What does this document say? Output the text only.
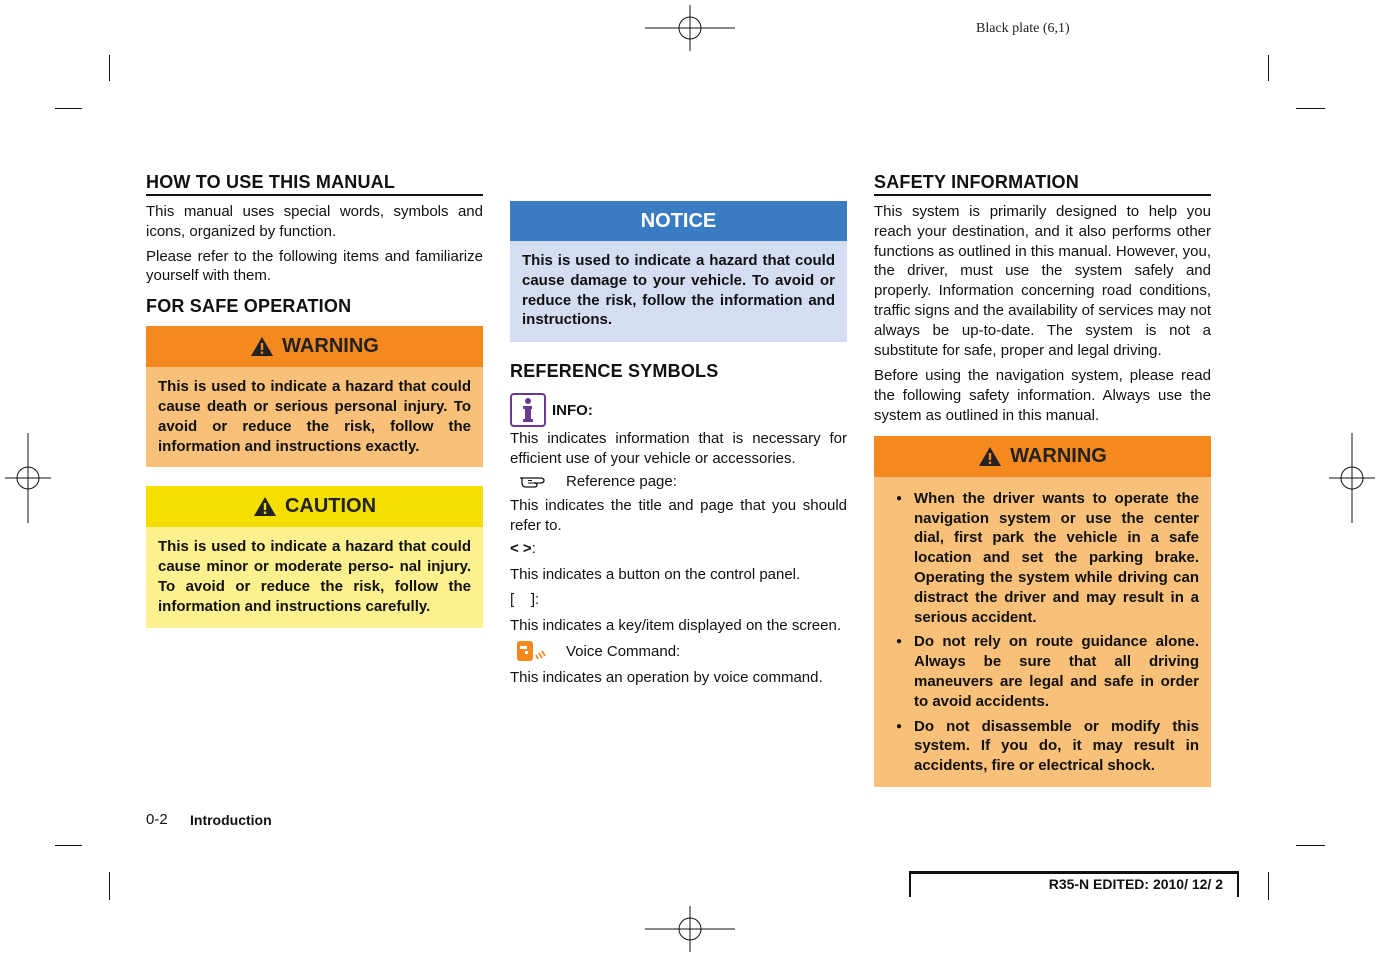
Black plate (6,1)
HOW TO USE THIS MANUAL

This manual uses special words, symbols and icons, organized by function.

Please refer to the following items and familiarize yourself with them.

FOR SAFE OPERATION
WARNING
This is used to indicate a hazard that could cause death or serious personal injury. To avoid or reduce the risk, follow the information and instructions exactly.
CAUTION
This is used to indicate a hazard that could cause minor or moderate perso- nal injury. To avoid or reduce the risk, follow the information and instructions carefully.
NOTICE
This is used to indicate a hazard that could cause damage to your vehicle. To avoid or reduce the risk, follow the information and instructions.
REFERENCE SYMBOLS
INFO:

This indicates information that is necessary for efficient use of your vehicle or accessories.

Reference page:

This indicates the title and page that you should refer to.

< >:

This indicates a button on the control panel.

[    ]:

This indicates a key/item displayed on the screen.

Voice Command:

This indicates an operation by voice command.

SAFETY INFORMATION

This system is primarily designed to help you reach your destination, and it also performs other functions as outlined in this manual. However, you, the driver, must use the system safely and properly. Information concerning road conditions, traffic signs and the availability of services may not always be up-to-date. The system is not a substitute for safe, proper and legal driving.

Before using the navigation system, please read the following safety information. Always use the system as outlined in this manual.

WARNING
● When the driver wants to operate the navigation system or use the center dial, first park the vehicle in a safe location and set the parking brake. Operating the system while driving can distract the driver and may result in a serious accident.
● Do not rely on route guidance alone. Always be sure that all driving maneuvers are legal and safe in order to avoid accidents.
● Do not disassemble or modify this system. If you do, it may result in accidents, fire or electrical shock.
0-2 Introduction
R35-N EDITED: 2010/ 12/ 2
